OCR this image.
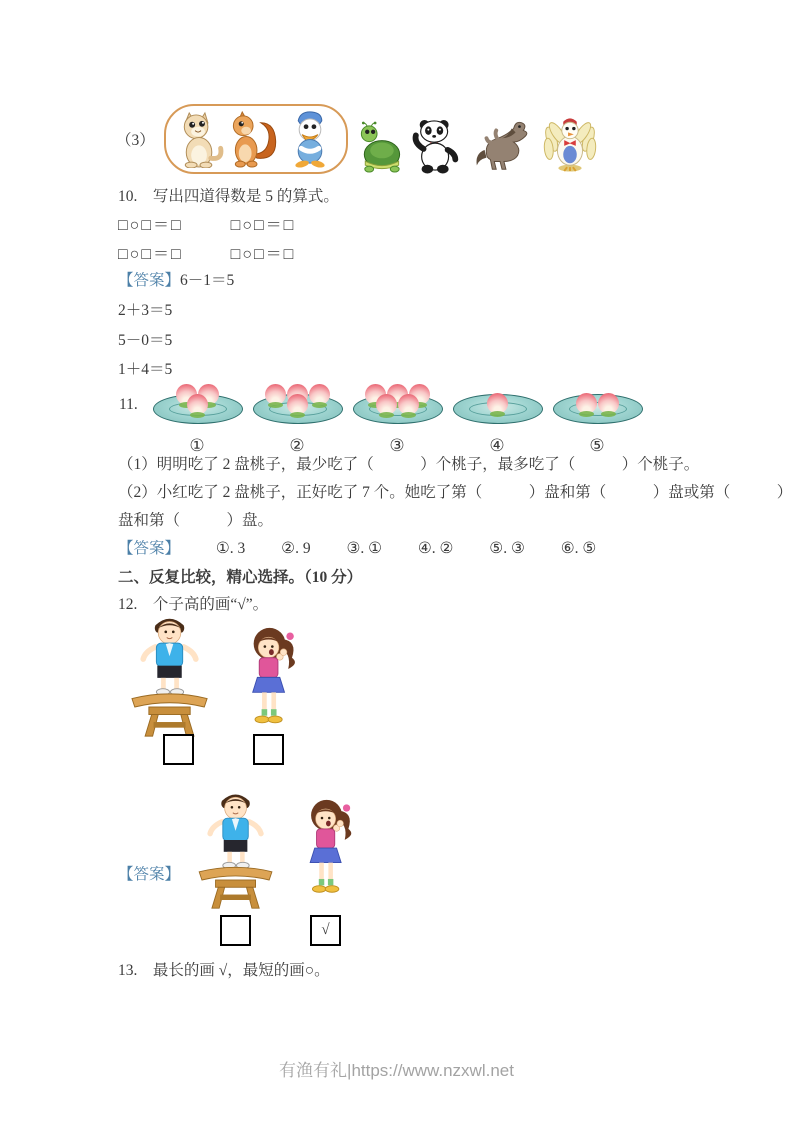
（3）
10.　 写出四道得数是 5 的算式。
□○□＝□	□○□＝□
□○□＝□	□○□＝□
【答案】6－1＝5
2＋3＝5
5－0＝5
1＋4＝5
11.
①	②	③	④	⑤
（1）明明吃了 2 盘桃子，最少吃了（　　　）个桃子，最多吃了（　　　）个桃子。
（2）小红吃了 2 盘桃子，正好吃了 7 个。她吃了第（　　　）盘和第（　　　）盘或第（　　　）
盘和第（　　　）盘。
【答案】 ①. 3 ②. 9 ③. ① ④. ② ⑤. ③ ⑥. ⑤
二、反复比较，精心选择。（10 分）
12.　 个子高的画“√”。
【答案】
√
13.　 最长的画 √，最短的画○。
有渔有礼|https://www.nzxwl.net
